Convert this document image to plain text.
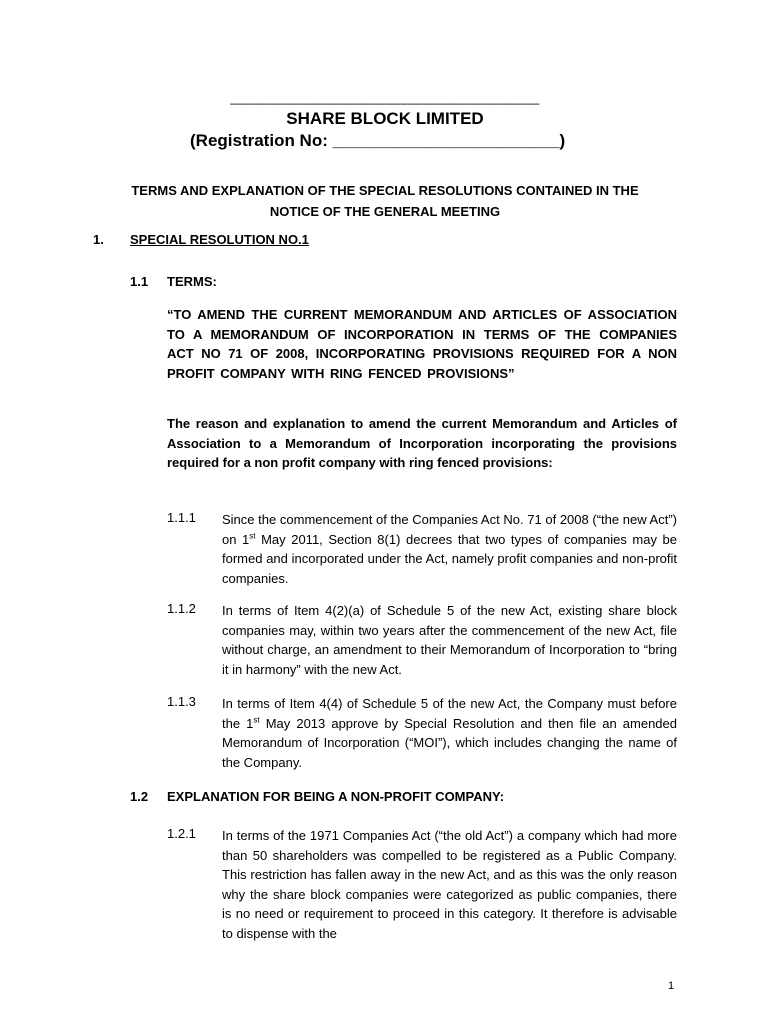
________________________________________
SHARE BLOCK LIMITED
(Registration No: ________________________)
TERMS AND EXPLANATION OF THE SPECIAL RESOLUTIONS CONTAINED IN THE
NOTICE OF THE GENERAL MEETING
1. SPECIAL RESOLUTION NO.1
1.1 TERMS:

“TO AMEND THE CURRENT MEMORANDUM AND ARTICLES OF ASSOCIATION TO A MEMORANDUM OF INCORPORATION IN TERMS OF THE COMPANIES ACT NO 71 OF 2008, INCORPORATING PROVISIONS REQUIRED FOR A NON PROFIT COMPANY WITH RING FENCED PROVISIONS”

The reason and explanation to amend the current Memorandum and Articles of Association to a Memorandum of Incorporation incorporating the provisions required for a non profit company with ring fenced provisions:

1.1.1 Since the commencement of the Companies Act No. 71 of 2008 (“the new Act”) on 1st May 2011, Section 8(1) decrees that two types of companies may be formed and incorporated under the Act, namely profit companies and non-profit companies.

1.1.2 In terms of Item 4(2)(a) of Schedule 5 of the new Act, existing share block companies may, within two years after the commencement of the new Act, file without charge, an amendment to their Memorandum of Incorporation to “bring it in harmony” with the new Act.

1.1.3 In terms of Item 4(4) of Schedule 5 of the new Act, the Company must before the 1st May 2013 approve by Special Resolution and then file an amended Memorandum of Incorporation (“MOI”), which includes changing the name of the Company.

1.2 EXPLANATION FOR BEING A NON-PROFIT COMPANY:
1.2.1 In terms of the 1971 Companies Act (“the old Act”) a company which had more than 50 shareholders was compelled to be registered as a Public Company. This restriction has fallen away in the new Act, and as this was the only reason why the share block companies were categorized as public companies, there is no need or requirement to proceed in this category. It therefore is advisable to dispense with the

1
